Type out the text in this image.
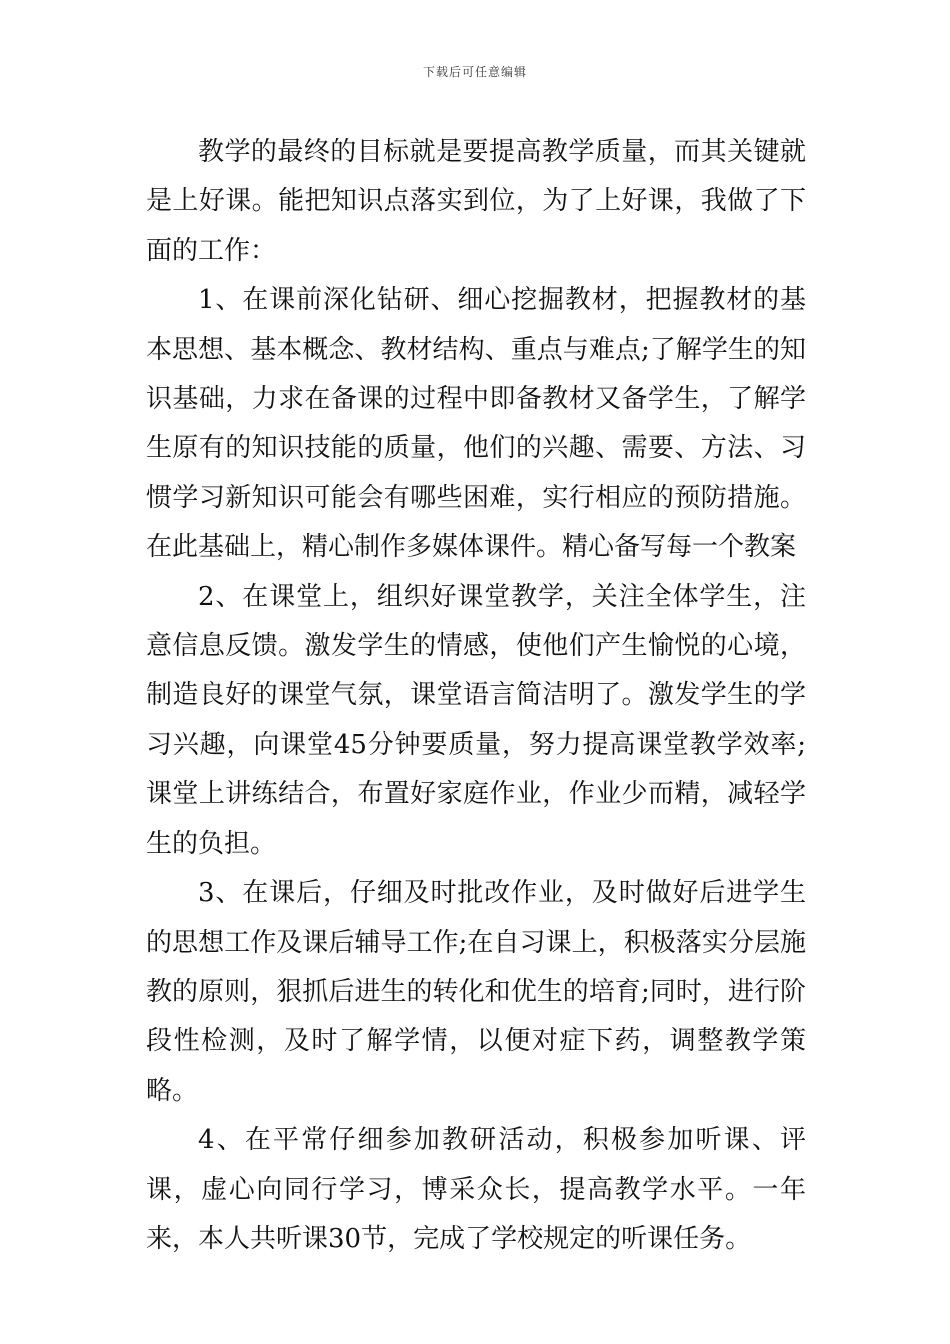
下载后可任意编辑

教学的最终的目标就是要提高教学质量，而其关键就是上好课。能把知识点落实到位，为了上好课，我做了下面的工作：

1、在课前深化钻研、细心挖掘教材，把握教材的基本思想、基本概念、教材结构、重点与难点;了解学生的知识基础，力求在备课的过程中即备教材又备学生，了解学生原有的知识技能的质量，他们的兴趣、需要、方法、习惯学习新知识可能会有哪些困难，实行相应的预防措施。在此基础上，精心制作多媒体课件。精心备写每一个教案

2、在课堂上，组织好课堂教学，关注全体学生，注意信息反馈。激发学生的情感，使他们产生愉悦的心境，制造良好的课堂气氛，课堂语言简洁明了。激发学生的学习兴趣，向课堂45分钟要质量，努力提高课堂教学效率;课堂上讲练结合，布置好家庭作业，作业少而精，减轻学生的负担。

3、在课后，仔细及时批改作业，及时做好后进学生的思想工作及课后辅导工作;在自习课上，积极落实分层施教的原则，狠抓后进生的转化和优生的培育;同时，进行阶段性检测，及时了解学情，以便对症下药，调整教学策略。

4、在平常仔细参加教研活动，积极参加听课、评课，虚心向同行学习，博采众长，提高教学水平。一年来，本人共听课30节，完成了学校规定的听课任务。
